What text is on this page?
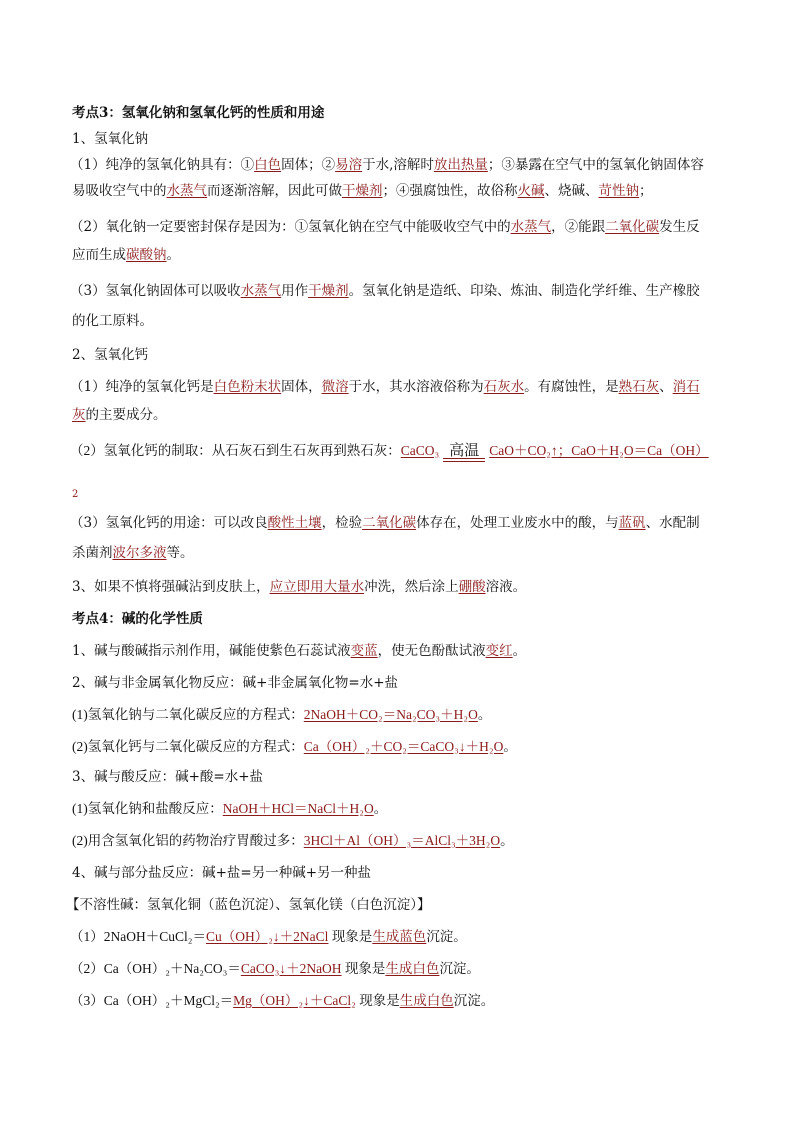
考点3：氢氧化钠和氢氧化钙的性质和用途
1、氢氧化钠
（1）纯净的氢氧化钠具有：①白色固体；②易溶于水,溶解时放出热量；③暴露在空气中的氢氧化钠固体容
易吸收空气中的水蒸气而逐渐溶解，因此可做干燥剂；④强腐蚀性，故俗称火碱、烧碱、苛性钠；
（2）氧化钠一定要密封保存是因为：①氢氧化钠在空气中能吸收空气中的水蒸气，②能跟二氧化碳发生反
应而生成碳酸钠。
（3）氢氧化钠固体可以吸收水蒸气用作干燥剂。氢氧化钠是造纸、印染、炼油、制造化学纤维、生产橡胶
的化工原料。
2、氢氧化钙
（1）纯净的氢氧化钙是白色粉末状固体，微溶于水，其水溶液俗称为石灰水。有腐蚀性，是熟石灰、消石
灰的主要成分。
（2）氢氧化钙的制取：从石灰石到生石灰再到熟石灰：CaCO₃ 高温 CaO＋CO₂↑；CaO＋H₂O＝Ca（OH）
2
（3）氢氧化钙的用途：可以改良酸性土壤，检验二氧化碳体存在，处理工业废水中的酸，与蓝矾、水配制
杀菌剂波尔多液等。
3、如果不慎将强碱沾到皮肤上，应立即用大量水冲洗，然后涂上硼酸溶液。
考点4：碱的化学性质
1、碱与酸碱指示剂作用，碱能使紫色石蕊试液变蓝，使无色酚酞试液变红。
2、碱与非金属氧化物反应：碱+非金属氧化物=水+盐
(1)氢氧化钠与二氧化碳反应的方程式：2NaOH＋CO₂＝Na₂CO₃＋H₂O。
(2)氢氧化钙与二氧化碳反应的方程式：Ca（OH）₂＋CO₂＝CaCO₃↓＋H₂O。
3、碱与酸反应：碱+酸=水+盐
(1)氢氧化钠和盐酸反应：NaOH＋HCl＝NaCl＋H₂O。
(2)用含氢氧化铝的药物治疗胃酸过多：3HCl＋Al（OH）₃＝AlCl₃＋3H₂O。
4、碱与部分盐反应：碱+盐=另一种碱+另一种盐
【不溶性碱：氢氧化铜（蓝色沉淀）、氢氧化镁（白色沉淀）】
（1）2NaOH＋CuCl₂＝Cu（OH）₂↓＋2NaCl 现象是生成蓝色沉淀。
（2）Ca（OH）₂＋Na₂CO₃＝CaCO₃↓＋2NaOH 现象是生成白色沉淀。
（3）Ca（OH）₂＋MgCl₂＝Mg（OH）₂↓＋CaCl₂ 现象是生成白色沉淀。
